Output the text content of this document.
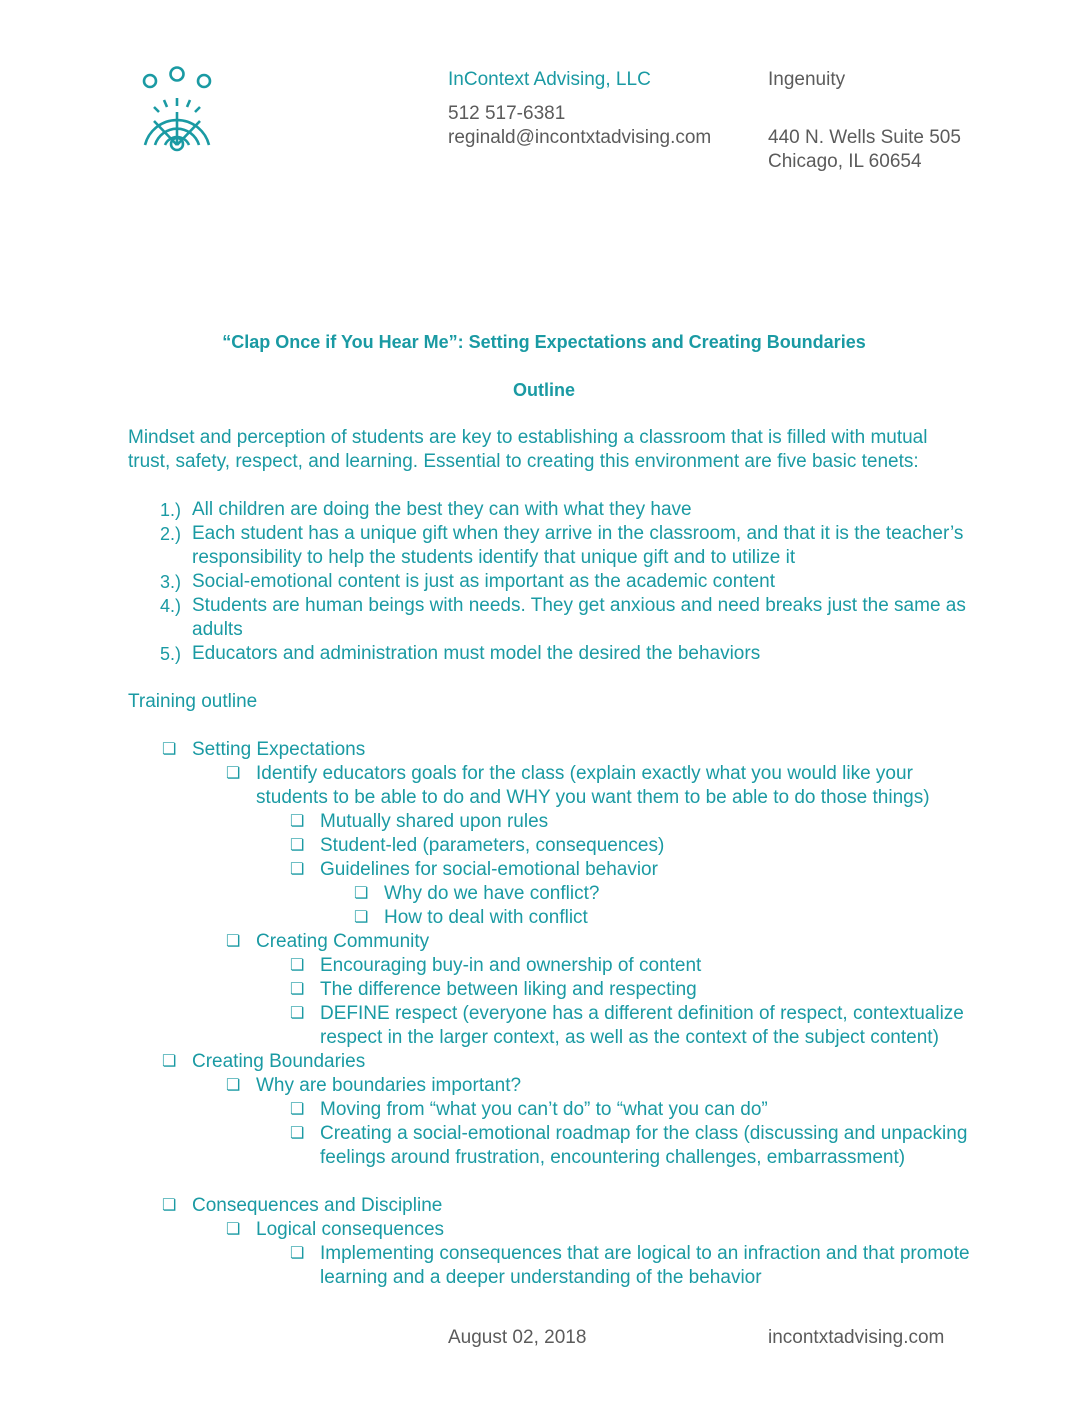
InContext Advising, LLC
512 517-6381
reginald@incontxtadvising.com
Ingenuity
440 N. Wells Suite 505
Chicago, IL 60654
“Clap Once if You Hear Me”: Setting Expectations and Creating Boundaries
Outline
Mindset and perception of students are key to establishing a classroom that is filled with mutual
trust, safety, respect, and learning. Essential to creating this environment are five basic tenets:
1.) All children are doing the best they can with what they have
2.) Each student has a unique gift when they arrive in the classroom, and that it is the teacher’s
responsibility to help the students identify that unique gift and to utilize it
3.) Social-emotional content is just as important as the academic content
4.) Students are human beings with needs. They get anxious and need breaks just the same as
adults
5.) Educators and administration must model the desired the behaviors
Training outline
❏ Setting Expectations
❏ Identify educators goals for the class (explain exactly what you would like your
students to be able to do and WHY you want them to be able to do those things)
❏ Mutually shared upon rules
❏ Student-led (parameters, consequences)
❏ Guidelines for social-emotional behavior
❏ Why do we have conflict?
❏ How to deal with conflict
❏ Creating Community
❏ Encouraging buy-in and ownership of content
❏ The difference between liking and respecting
❏ DEFINE respect (everyone has a different definition of respect, contextualize
respect in the larger context, as well as the context of the subject content)
❏ Creating Boundaries
❏ Why are boundaries important?
❏ Moving from “what you can’t do” to “what you can do”
❏ Creating a social-emotional roadmap for the class (discussing and unpacking
feelings around frustration, encountering challenges, embarrassment)
❏ Consequences and Discipline
❏ Logical consequences
❏ Implementing consequences that are logical to an infraction and that promote
learning and a deeper understanding of the behavior
August 02, 2018	incontxtadvising.com
